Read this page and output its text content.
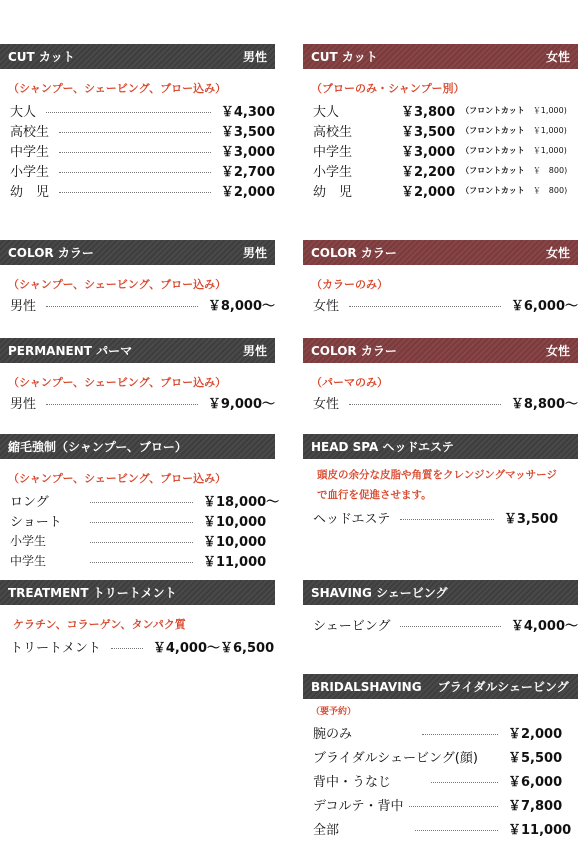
CUT カット	男性
（シャンプー、シェービング、ブロー込み）
大人	￥4,300
高校生	￥3,500
中学生	￥3,000
小学生	￥2,700
幼　児	￥2,000
CUT カット	女性
（ブローのみ・シャンプー別）
大人	￥3,800 （フロントカット ￥1,000)
高校生	￥3,500 （フロントカット ￥1,000)
中学生	￥3,000 （フロントカット ￥1,000)
小学生	￥2,200 （フロントカット ￥　800)
幼　児	￥2,000 （フロントカット ￥　800)
COLOR カラー	男性
（シャンプー、シェービング、ブロー込み）
男性	￥8,000〜
COLOR カラー	女性
（カラーのみ）
女性	￥6,000〜
PERMANENT パーマ	男性
（シャンプー、シェービング、ブロー込み）
男性	￥9,000〜
COLOR カラー	女性
（パーマのみ）
女性	￥8,800〜
縮毛強制（シャンプー、ブロー）
（シャンプー、シェービング、ブロー込み）
ロング	￥18,000〜
ショート	￥10,000
小学生	￥10,000
中学生	￥11,000
HEAD SPA ヘッドエステ
頭皮の余分な皮脂や角質をクレンジングマッサージ
で血行を促進させます。
ヘッドエステ	￥3,500
TREATMENT トリートメント
ケラチン、コラーゲン、タンパク質
トリートメント	￥4,000〜￥6,500
SHAVING シェービング
シェービング	￥4,000〜
BRIDALSHAVING　 ブライダルシェービング
（要予約）
腕のみ	￥2,000
ブライダルシェービング(顔) ￥5,500
背中・うなじ	￥6,000
デコルテ・背中	￥7,800
全部	￥11,000
